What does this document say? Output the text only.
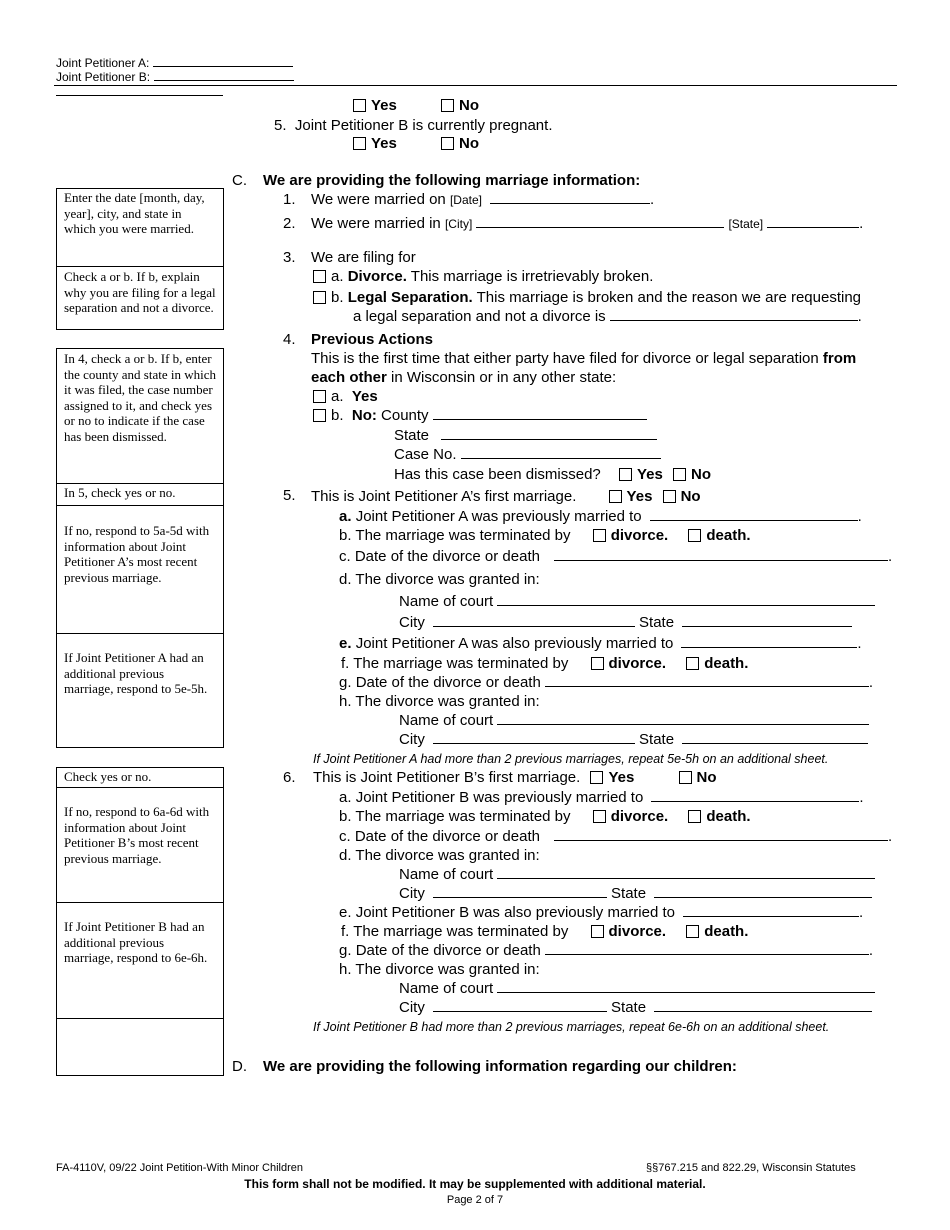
Joint Petitioner A:
Joint Petitioner B:
Yes	No
5. Joint Petitioner B is currently pregnant.
Yes	No
Enter the date [month, day, year], city, and state in which you were married.
Check a or b. If b, explain why you are filing for a legal separation and not a divorce.
In 4, check a or b. If b, enter the county and state in which it was filed, the case number assigned to it, and check yes or no to indicate if the case has been dismissed.
In 5, check yes or no.
If no, respond to 5a-5d with information about Joint Petitioner A’s most recent previous marriage.
If Joint Petitioner A had an additional previous marriage, respond to 5e-5h.
Check yes or no.
If no, respond to 6a-6d with information about Joint Petitioner B’s most recent previous marriage.
If Joint Petitioner B had an additional previous marriage, respond to 6e-6h.
C. We are providing the following marriage information:
1. We were married on [Date]	.
2. We were married in [City]	[State]	.
3. We are filing for
a. Divorce. This marriage is irretrievably broken.
b. Legal Separation. This marriage is broken and the reason we are requesting
a legal separation and not a divorce is	.
4. Previous Actions
This is the first time that either party have filed for divorce or legal separation from
each other in Wisconsin or in any other state:
a. Yes
b. No: County
State
Case No.
Has this case been dismissed? Yes No
5. This is Joint Petitioner A’s first marriage.	Yes No
a. Joint Petitioner A was previously married to	.
b. The marriage was terminated by	divorce.	death.
c. Date of the divorce or death	.
d. The divorce was granted in:
Name of court
City	State
e. Joint Petitioner A was also previously married to	.
f. The marriage was terminated by	divorce.	death.
g. Date of the divorce or death	.
h. The divorce was granted in:
Name of court
City	State
If Joint Petitioner A had more than 2 previous marriages, repeat 5e-5h on an additional sheet.
6. This is Joint Petitioner B’s first marriage. Yes	No
a. Joint Petitioner B was previously married to	.
b. The marriage was terminated by	divorce.	death.
c. Date of the divorce or death	.
d. The divorce was granted in:
Name of court
City	State
e. Joint Petitioner B was also previously married to	.
f. The marriage was terminated by	divorce.	death.
g. Date of the divorce or death	.
h. The divorce was granted in:
Name of court
City	State
If Joint Petitioner B had more than 2 previous marriages, repeat 6e-6h on an additional sheet.
D. We are providing the following information regarding our children:
FA-4110V, 09/22 Joint Petition-With Minor Children	§§767.215 and 822.29, Wisconsin Statutes
This form shall not be modified. It may be supplemented with additional material.
Page 2 of 7
